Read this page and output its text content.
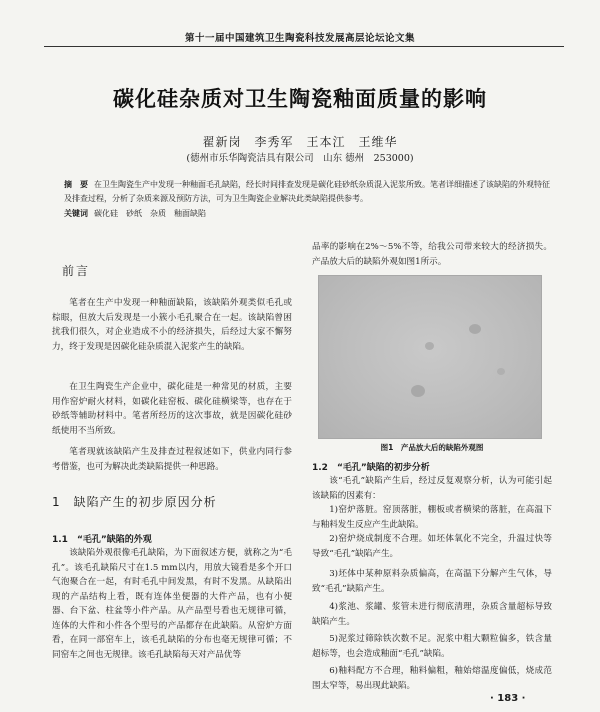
第十一届中国建筑卫生陶瓷科技发展高层论坛论文集
碳化硅杂质对卫生陶瓷釉面质量的影响
翟新岗　李秀军　王本江　王维华
(德州市乐华陶瓷洁具有限公司　山东 德州　253000)

摘　要 在卫生陶瓷生产中发现一种釉面毛孔缺陷，经长时间排查发现是碳化硅砂纸杂质混入泥浆所致。笔者详细描述了该缺陷的外观特征及排查过程，分析了杂质来源及预防方法，可为卫生陶瓷企业解决此类缺陷提供参考。

关键词 碳化硅　砂纸　杂质　釉面缺陷
前言

笔者在生产中发现一种釉面缺陷，该缺陷外观类似毛孔或棕眼，但放大后发现是一小簇小毛孔聚合在一起。该缺陷曾困扰我们很久，对企业造成不小的经济损失，后经过大家不懈努力，终于发现是因碳化硅杂质混入泥浆产生的缺陷。

在卫生陶瓷生产企业中，碳化硅是一种常见的材质，主要用作窑炉耐火材料，如碳化硅窑板、碳化硅横梁等，也存在于砂纸等辅助材料中。笔者所经历的这次事故，就是因碳化硅砂纸使用不当所致。

笔者现就该缺陷产生及排查过程叙述如下，供业内同行参考借鉴，也可为解决此类缺陷提供一种思路。

1　缺陷产生的初步原因分析
1.1　“毛孔”缺陷的外观

该缺陷外观很像毛孔缺陷，为下面叙述方便，就称之为“毛孔”。该毛孔缺陷尺寸在1.5 mm以内，用放大镜看是多个开口气泡聚合在一起，有时毛孔中间发黑，有时不发黑。从缺陷出现的产品结构上看，既有连体坐便器的大件产品，也有小便器、台下盆、柱盆等小件产品。从产品型号看也无规律可循，连体的大件和小件各个型号的产品都存在此缺陷。从窑炉方面看，在同一部窑车上，该毛孔缺陷的分布也毫无规律可循；不同窑车之间也无规律。该毛孔缺陷每天对产品优等

品率的影响在2%～5%不等，给我公司带来较大的经济损失。产品放大后的缺陷外观如图1所示。

图1　产品放大后的缺陷外观图
1.2　“毛孔”缺陷的初步分析

该“毛孔”缺陷产生后，经过反复观察分析，认为可能引起该缺陷的因素有：

1)窑炉落脏。窑顶落脏，棚板或者横梁的落脏，在高温下与釉料发生反应产生此缺陷。

2)窑炉烧成制度不合理。如坯体氧化不完全，升温过快等导致“毛孔”缺陷产生。

3)坯体中某种原料杂质偏高，在高温下分解产生气体，导致“毛孔”缺陷产生。

4)浆池、浆罐、浆管未进行彻底清理，杂质含量超标导致缺陷产生。

5)泥浆过筛除铁次数不足。泥浆中粗大颗粒偏多，铁含量超标等，也会造成釉面“毛孔”缺陷。

6)釉料配方不合理，釉料偏粗，釉始熔温度偏低，烧成范围太窄等，易出现此缺陷。

· 183 ·
